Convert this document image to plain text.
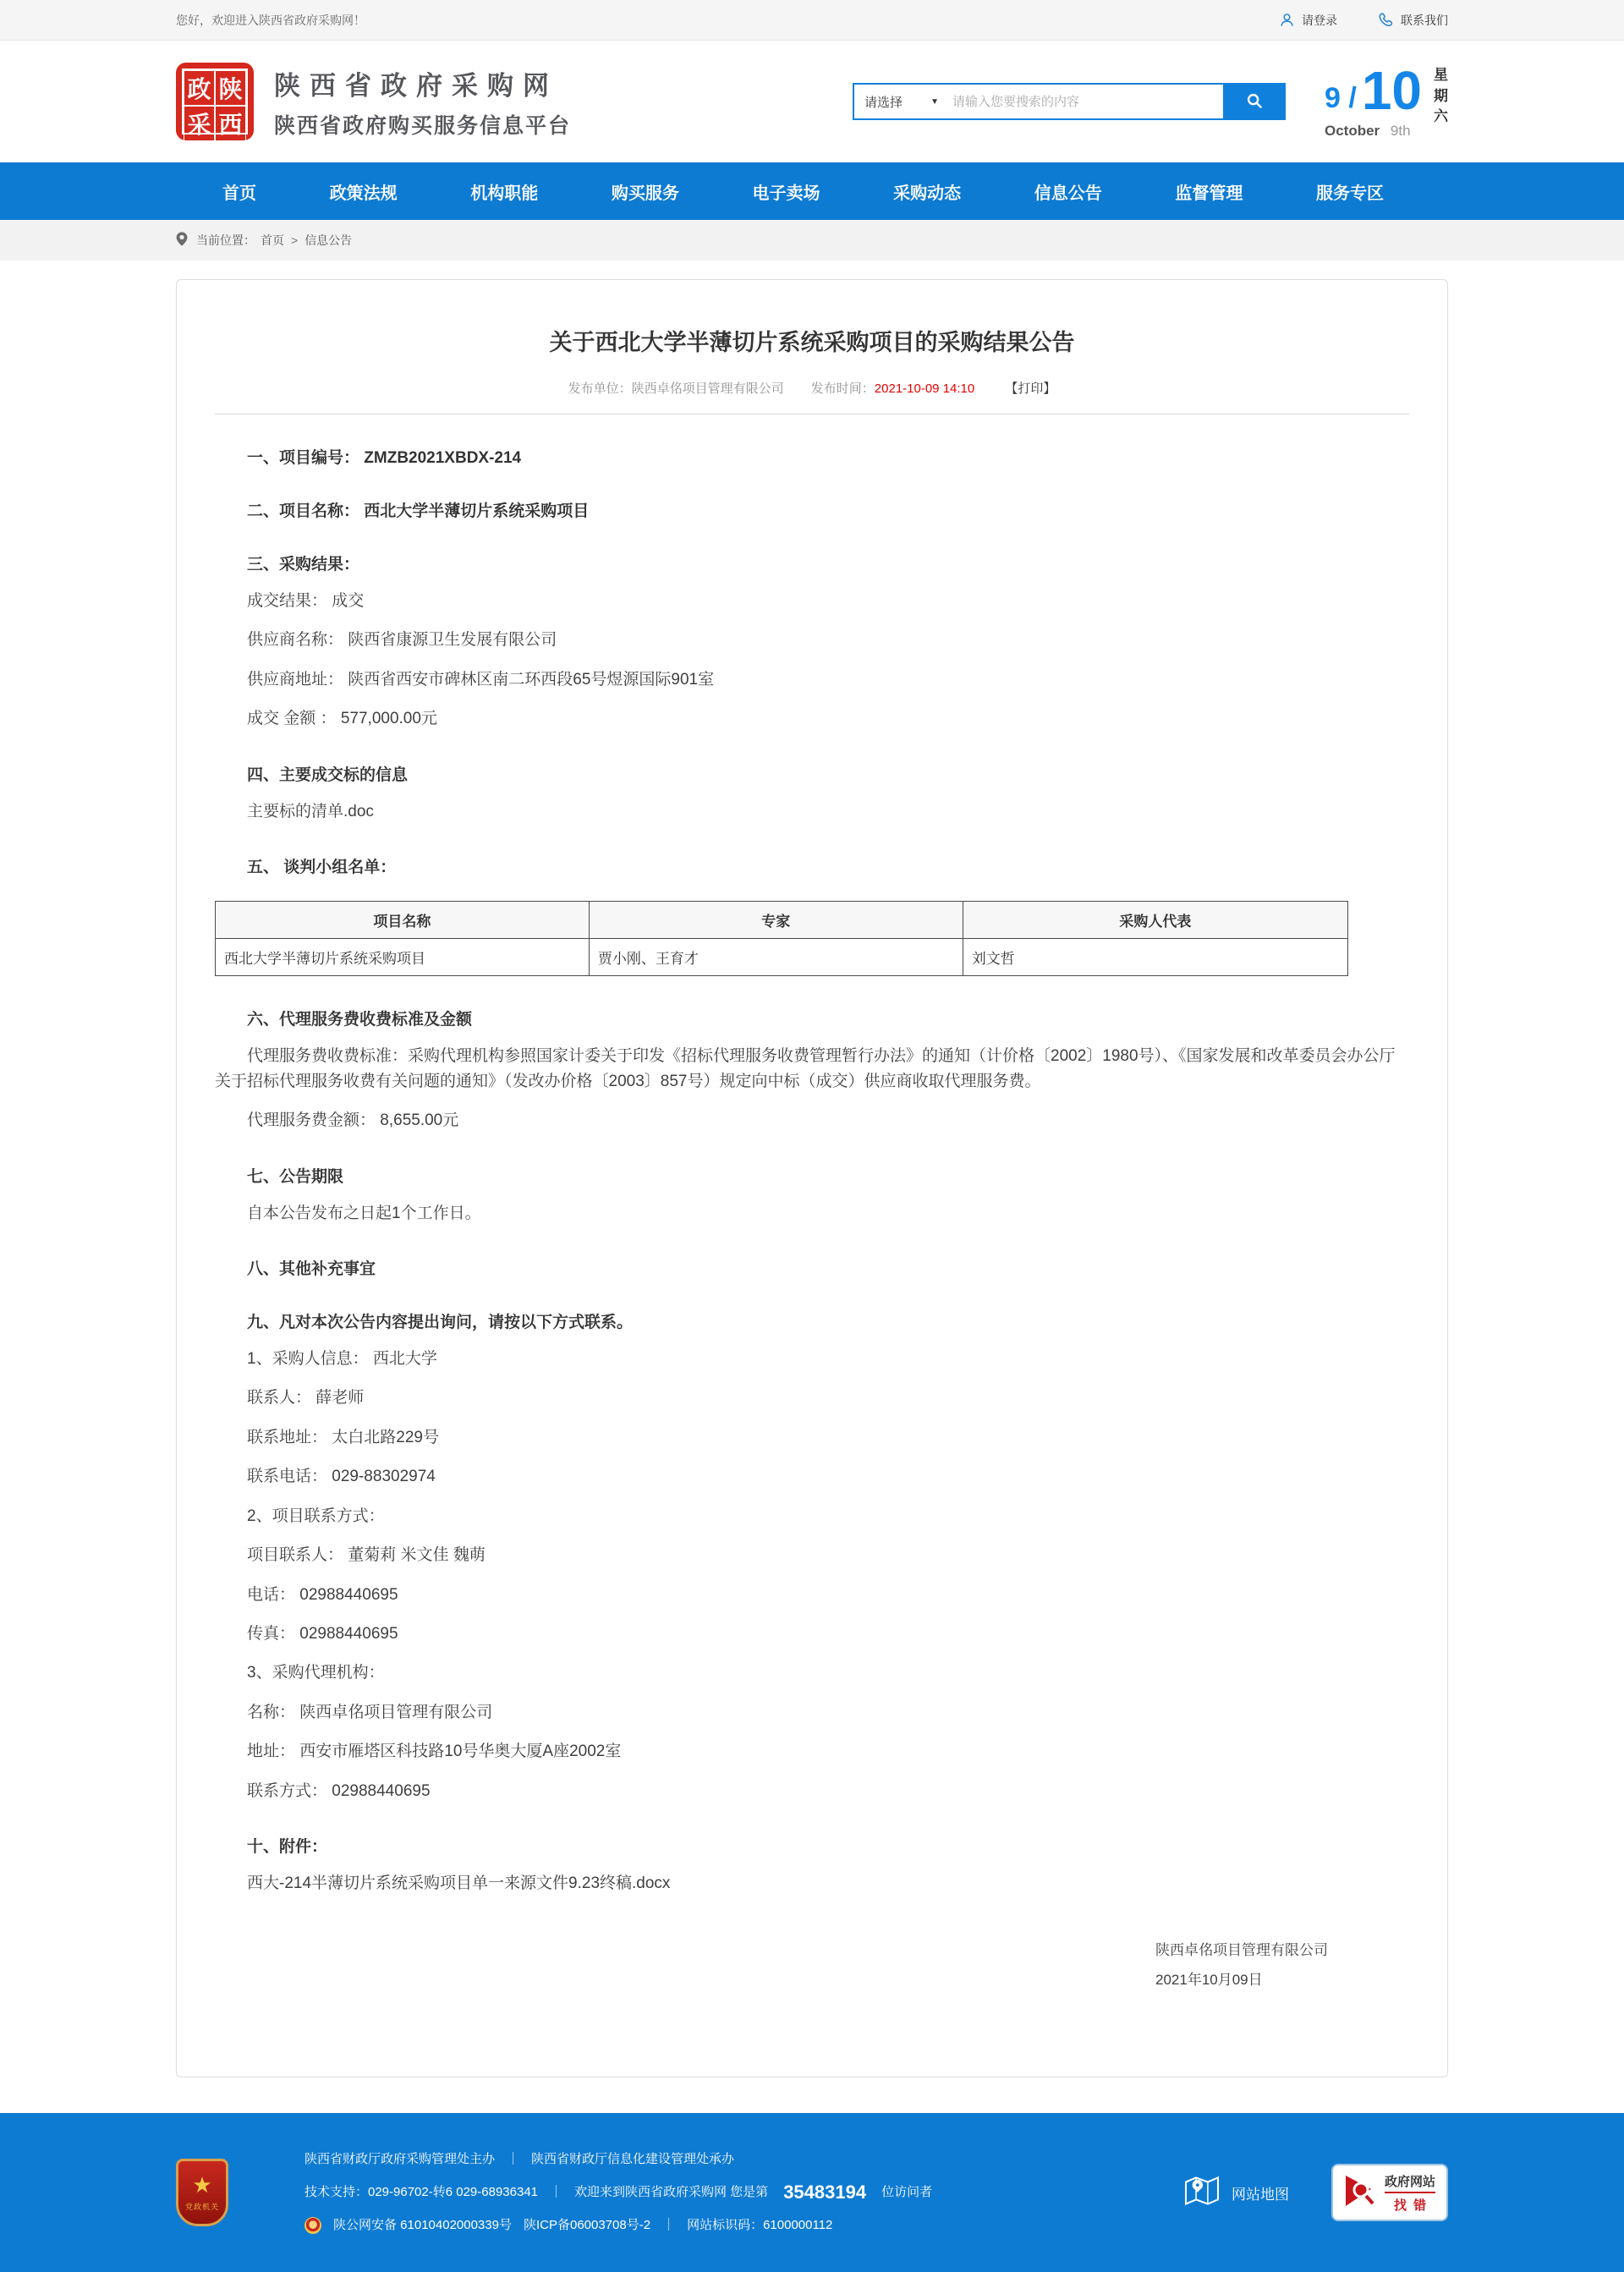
您好，欢迎进入陕西省政府采购网！	请登录	联系我们
政 陕
采 西
陕西省政府采购网
陕西省政府购买服务信息平台
请选择	▼
请输入您要搜索的内容	9 / 10
October 9th
星
期
六
首页	政策法规	机构职能	购买服务	电子卖场	采购动态	信息公告	监督管理	服务专区
当前位置： 首页 > 信息公告
关于西北大学半薄切片系统采购项目的采购结果公告
发布单位：陕西卓佲项目管理有限公司 发布时间：2021-10-09 14:10 【打印】

一、项目编号： ZMZB2021XBDX-214

二、项目名称： 西北大学半薄切片系统采购项目

三、采购结果：

成交结果： 成交

供应商名称： 陕西省康源卫生发展有限公司

供应商地址： 陕西省西安市碑林区南二环西段65号煜源国际901室

成交 金额 ： 577,000.00元

四、主要成交标的信息

主要标的清单.doc

五、 谈判小组名单：

项目名称	专家	采购人代表
西北大学半薄切片系统采购项目	贾小刚、王育才	刘文哲

六、代理服务费收费标准及金额

代理服务费收费标准：采购代理机构参照国家计委关于印发《招标代理服务收费管理暂行办法》的通知（计价格〔2002〕1980号）、《国家发展和改革委员会办公厅关于招标代理服务收费有关问题的通知》（发改办价格〔2003〕857号）规定向中标（成交）供应商收取代理服务费。

代理服务费金额： 8,655.00元

七、公告期限

自本公告发布之日起1个工作日。

八、其他补充事宜

九、凡对本次公告内容提出询问，请按以下方式联系。

1、采购人信息： 西北大学

联系人： 薛老师

联系地址： 太白北路229号

联系电话： 029-88302974

2、项目联系方式：

项目联系人： 董菊莉 米文佳 魏萌

电话： 02988440695

传真： 02988440695

3、采购代理机构：

名称： 陕西卓佲项目管理有限公司

地址： 西安市雁塔区科技路10号华奥大厦A座2002室

联系方式： 02988440695

十、附件：

西大-214半薄切片系统采购项目单一来源文件9.23终稿.docx

陕西卓佲项目管理有限公司
2021年10月09日
★
党政机关
陕西省财政厅政府采购管理处主办 ｜ 陕西省财政厅信息化建设管理处承办
技术支持：029-96702-转6 029-68936341 ｜ 欢迎来到陕西省政府采购网 您是第 35483194 位访问者
陕公网安备 61010402000339号 陕ICP备06003708号-2 ｜ 网站标识码：6100000112
网站地图
政府网站
找错
